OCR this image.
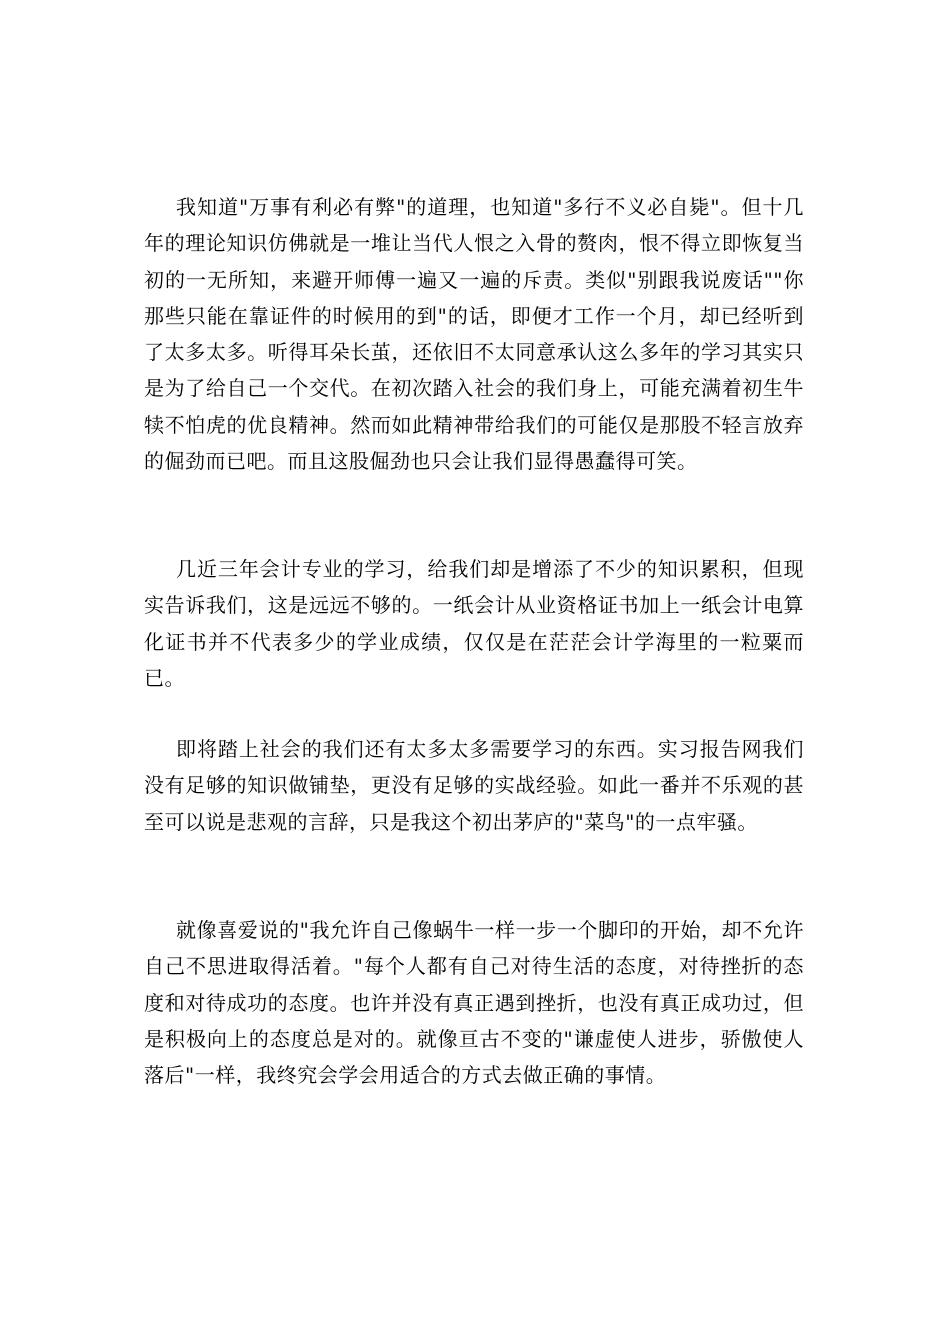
我知道"万事有利必有弊"的道理，也知道"多行不义必自毙"。但十几年的理论知识仿佛就是一堆让当代人恨之入骨的赘肉，恨不得立即恢复当初的一无所知，来避开师傅一遍又一遍的斥责。类似"别跟我说废话""你那些只能在靠证件的时候用的到"的话，即便才工作一个月，却已经听到了太多太多。听得耳朵长茧，还依旧不太同意承认这么多年的学习其实只是为了给自己一个交代。在初次踏入社会的我们身上，可能充满着初生牛犊不怕虎的优良精神。然而如此精神带给我们的可能仅是那股不轻言放弃的倔劲而已吧。而且这股倔劲也只会让我们显得愚蠢得可笑。

几近三年会计专业的学习，给我们却是增添了不少的知识累积，但现实告诉我们，这是远远不够的。一纸会计从业资格证书加上一纸会计电算化证书并不代表多少的学业成绩，仅仅是在茫茫会计学海里的一粒粟而已。

即将踏上社会的我们还有太多太多需要学习的东西。实习报告网我们没有足够的知识做铺垫，更没有足够的实战经验。如此一番并不乐观的甚至可以说是悲观的言辞，只是我这个初出茅庐的"菜鸟"的一点牢骚。

就像喜爱说的"我允许自己像蜗牛一样一步一个脚印的开始，却不允许自己不思进取得活着。"每个人都有自己对待生活的态度，对待挫折的态度和对待成功的态度。也许并没有真正遇到挫折，也没有真正成功过，但是积极向上的态度总是对的。就像亘古不变的"谦虚使人进步，骄傲使人落后"一样，我终究会学会用适合的方式去做正确的事情。
